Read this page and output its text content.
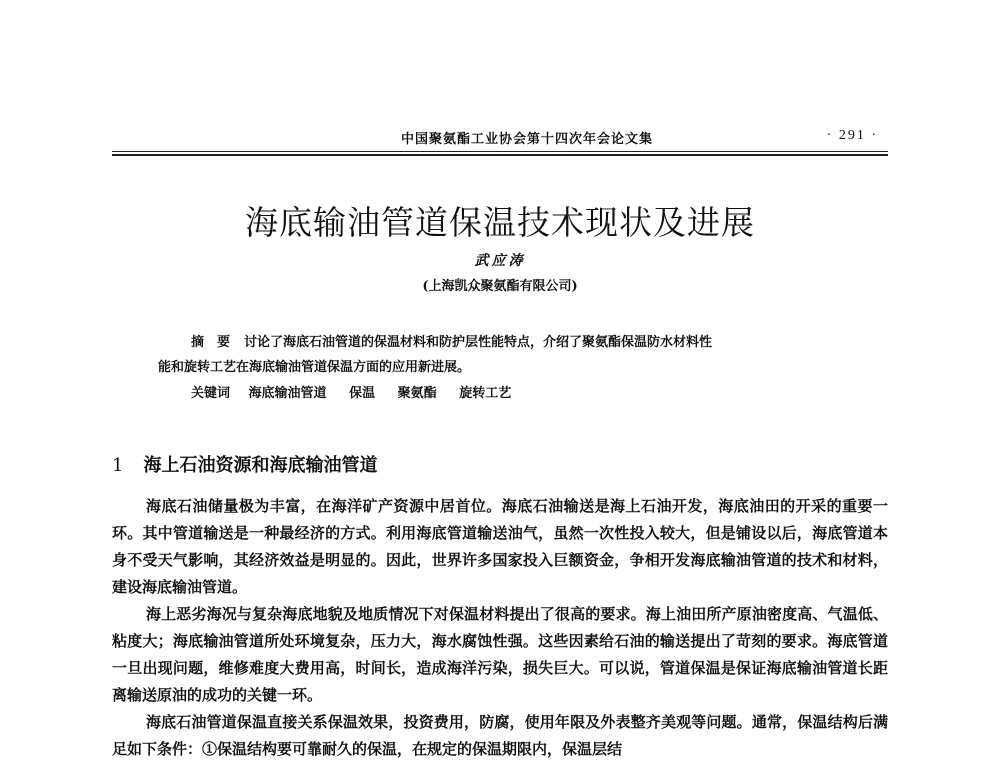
中国聚氨酯工业协会第十四次年会论文集	· 291 ·
海底输油管道保温技术现状及进展
武应涛
(上海凯众聚氨酯有限公司)
摘　要 讨论了海底石油管道的保温材料和防护层性能特点，介绍了聚氨酯保温防水材料性
能和旋转工艺在海底输油管道保温方面的应用新进展。
关键词 海底输油管道 保温 聚氨酯 旋转工艺
1 海上石油资源和海底输油管道

海底石油储量极为丰富，在海洋矿产资源中居首位。海底石油输送是海上石油开发，海底油田的开采的重要一环。其中管道输送是一种最经济的方式。利用海底管道输送油气，虽然一次性投入较大，但是铺设以后，海底管道本身不受天气影响，其经济效益是明显的。因此，世界许多国家投入巨额资金，争相开发海底输油管道的技术和材料，建设海底输油管道。

海上恶劣海况与复杂海底地貌及地质情况下对保温材料提出了很高的要求。海上油田所产原油密度高、气温低、粘度大；海底输油管道所处环境复杂，压力大，海水腐蚀性强。这些因素给石油的输送提出了苛刻的要求。海底管道一旦出现问题，维修难度大费用高，时间长，造成海洋污染，损失巨大。可以说，管道保温是保证海底输油管道长距离输送原油的成功的关键一环。

海底石油管道保温直接关系保温效果，投资费用，防腐，使用年限及外表整齐美观等问题。通常，保温结构后满足如下条件：①保温结构要可靠耐久的保温，在规定的保温期限内，保温层结
